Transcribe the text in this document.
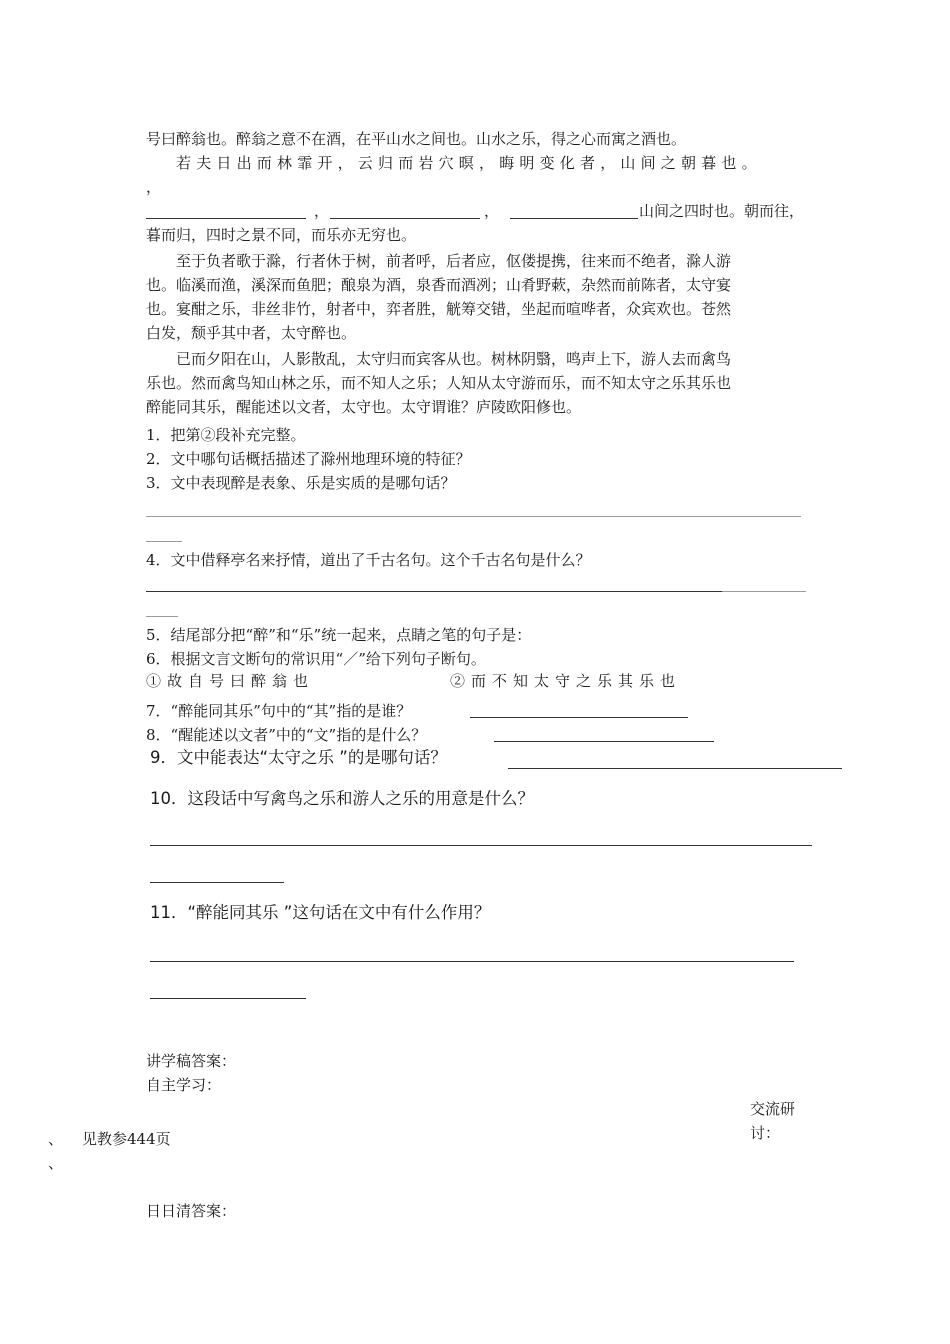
号曰醉翁也。醉翁之意不在酒，在平山水之间也。山水之乐，得之心而寓之酒也。
若夫日出而林霏开，云归而岩穴暝，晦明变化者，山间之朝暮也。
，
，	，	山间之四时也。朝而往，
暮而归，四时之景不同，而乐亦无穷也。
至于负者歌于滁，行者休于树，前者呼，后者应，伛偻提携，往来而不绝者，滁人游
也。临溪而渔，溪深而鱼肥；酿泉为酒，泉香而酒冽；山肴野蔌，杂然而前陈者，太守宴
也。宴酣之乐，非丝非竹，射者中，弈者胜，觥筹交错，坐起而喧哗者，众宾欢也。苍然
白发，颓乎其中者，太守醉也。
已而夕阳在山，人影散乱，太守归而宾客从也。树林阴翳，鸣声上下，游人去而禽鸟
乐也。然而禽鸟知山林之乐，而不知人之乐；人知从太守游而乐，而不知太守之乐其乐也
醉能同其乐，醒能述以文者，太守也。太守谓谁？庐陵欧阳修也。
1．把第②段补充完整。
2．文中哪句话概括描述了滁州地理环境的特征？
3．文中表现醉是表象、乐是实质的是哪句话？
4．文中借释亭名来抒情，道出了千古名句。这个千古名句是什么？
5．结尾部分把“醉”和“乐”统一起来，点睛之笔的句子是：
6．根据文言文断句的常识用“／”给下列句子断句。
①故自号曰醉翁也	②而不知太守之乐其乐也
7．“醉能同其乐”句中的“其”指的是谁？
8．“醒能述以文者”中的“文”指的是什么？
9．文中能表达“太守之乐 ”的是哪句话？
10．这段话中写禽鸟之乐和游人之乐的用意是什么？
11．“醉能同其乐 ”这句话在文中有什么作用？
讲学稿答案：
自主学习：
交流研
讨：
、 见教参444页
、
日日清答案：
